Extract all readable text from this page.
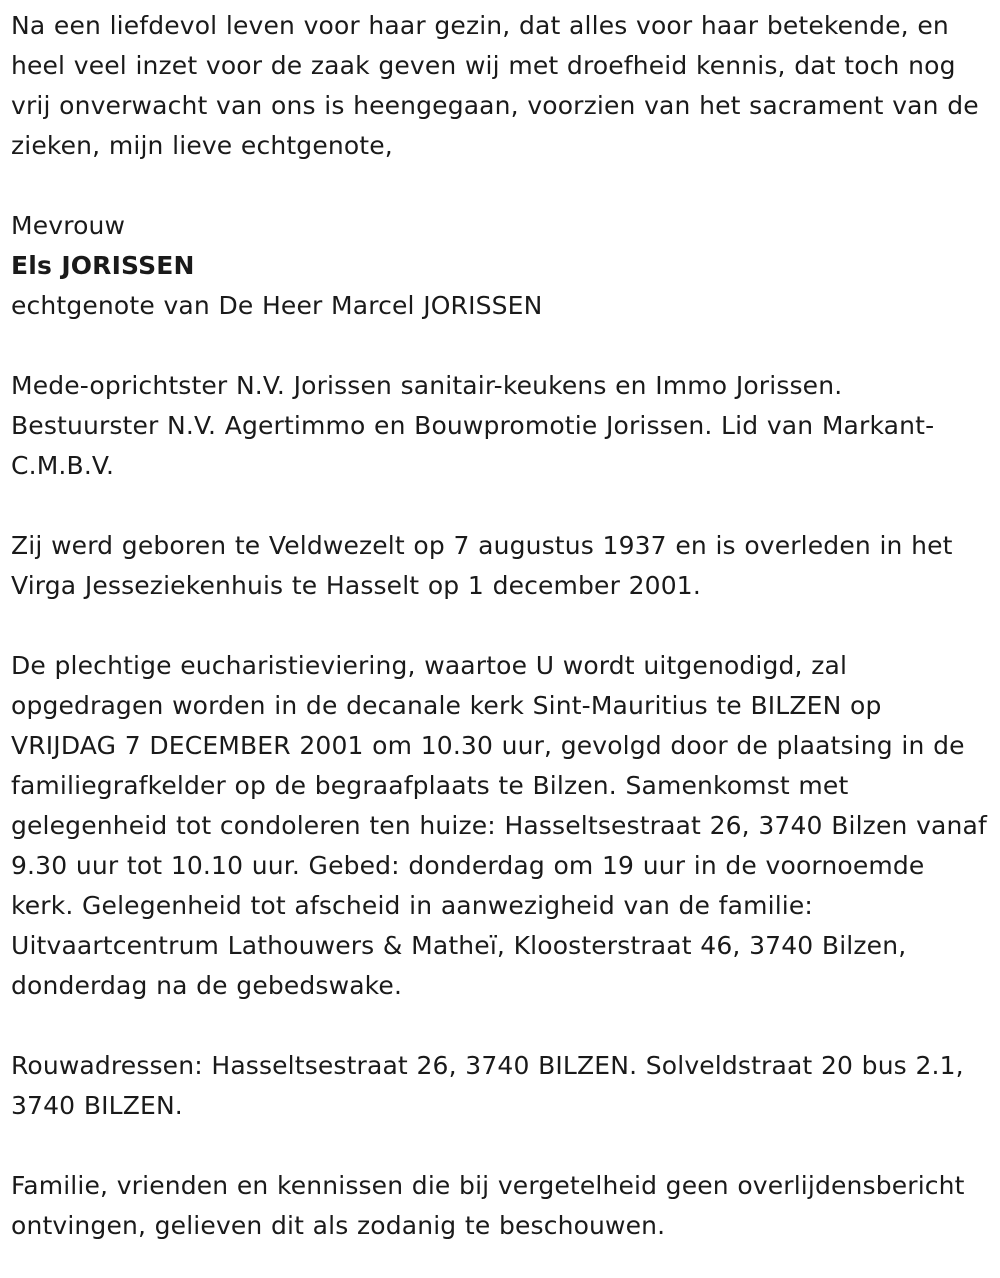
Na een liefdevol leven voor haar gezin, dat alles voor haar betekende, en heel veel inzet voor de zaak geven wij met droefheid kennis, dat toch nog vrij onverwacht van ons is heengegaan, voorzien van het sacrament van de zieken, mijn lieve echtgenote,

Mevrouw

Els JORISSEN

echtgenote van De Heer Marcel JORISSEN

Mede-oprichtster N.V. Jorissen sanitair-keukens en Immo Jorissen. Bestuurster N.V. Agertimmo en Bouwpromotie Jorissen. Lid van Markant-C.M.B.V.

Zij werd geboren te Veldwezelt op 7 augustus 1937 en is overleden in het Virga Jesseziekenhuis te Hasselt op 1 december 2001.

De plechtige eucharistieviering, waartoe U wordt uitgenodigd, zal opgedragen worden in de decanale kerk Sint-Mauritius te BILZEN op VRIJDAG 7 DECEMBER 2001 om 10.30 uur, gevolgd door de plaatsing in de familiegrafkelder op de begraafplaats te Bilzen. Samenkomst met gelegenheid tot condoleren ten huize: Hasseltsestraat 26, 3740 Bilzen vanaf 9.30 uur tot 10.10 uur. Gebed: donderdag om 19 uur in de voornoemde kerk. Gelegenheid tot afscheid in aanwezigheid van de familie: Uitvaartcentrum Lathouwers & Matheï, Kloosterstraat 46, 3740 Bilzen, donderdag na de gebedswake.

Rouwadressen: Hasseltsestraat 26, 3740 BILZEN. Solveldstraat 20 bus 2.1, 3740 BILZEN.

Familie, vrienden en kennissen die bij vergetelheid geen overlijdensbericht ontvingen, gelieven dit als zodanig te beschouwen.
